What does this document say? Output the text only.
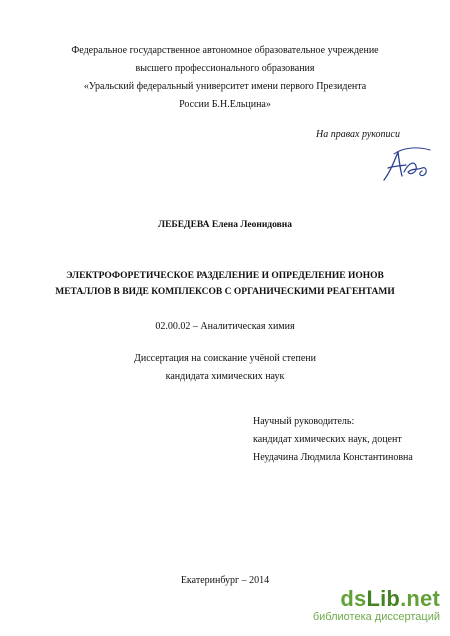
Федеральное государственное автономное образовательное учреждение
высшего профессионального образования
«Уральский федеральный университет имени первого Президента
России Б.Н.Ельцина»
На правах рукописи
ЛЕБЕДЕВА Елена Леонидовна
ЭЛЕКТРОФОРЕТИЧЕСКОЕ РАЗДЕЛЕНИЕ И ОПРЕДЕЛЕНИЕ ИОНОВ
МЕТАЛЛОВ В ВИДЕ КОМПЛЕКСОВ С ОРГАНИЧЕСКИМИ РЕАГЕНТАМИ
02.00.02 – Аналитическая химия
Диссертация на соискание учёной степени
кандидата химических наук
Научный руководитель:
кандидат химических наук, доцент
Неудачина Людмила Константиновна
Екатеринбург – 2014
dsLib.net
библиотека диссертаций
